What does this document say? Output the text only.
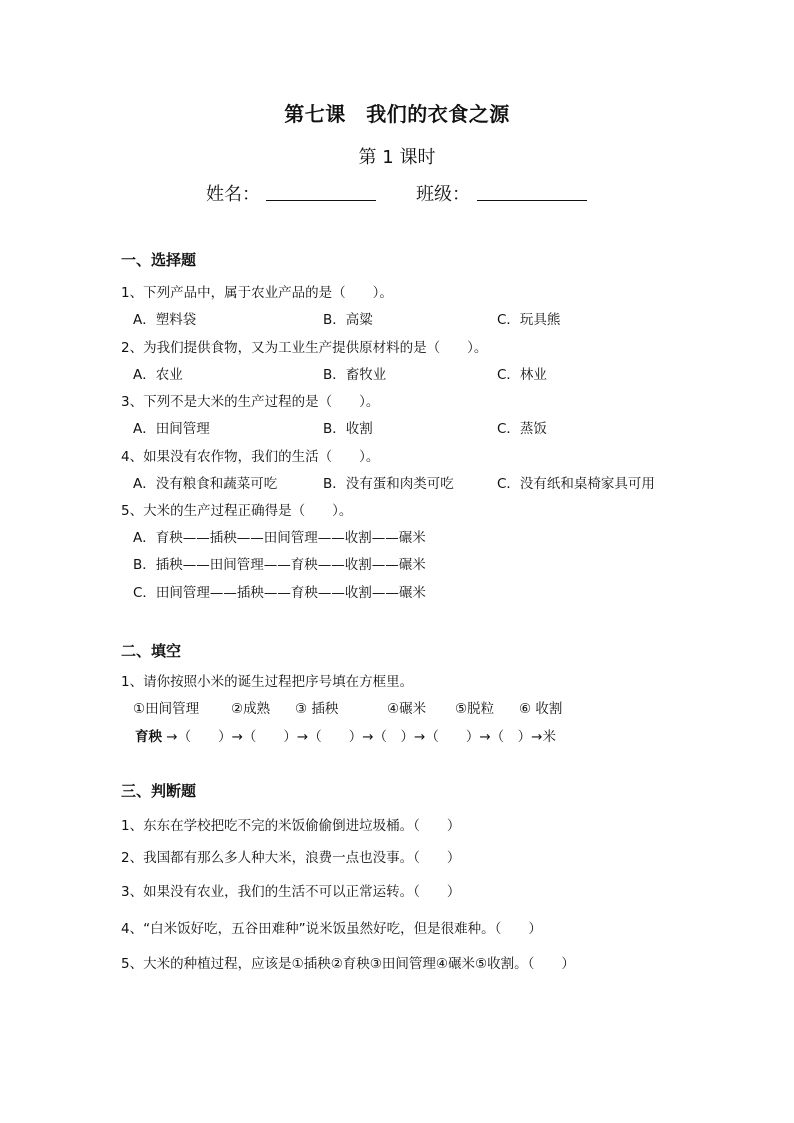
第七课　我们的衣食之源
第 1 课时
姓名：	班级：
一、选择题
1、下列产品中，属于农业产品的是（　　）。
A．塑料袋	B．高粱	C．玩具熊
2、为我们提供食物，又为工业生产提供原材料的是（　　）。
A．农业	B．畜牧业	C．林业
3、下列不是大米的生产过程的是（　　）。
A．田间管理	B．收割	C．蒸饭
4、如果没有农作物，我们的生活（　　）。
A．没有粮食和蔬菜可吃	B．没有蛋和肉类可吃	C．没有纸和桌椅家具可用
5、大米的生产过程正确得是（　　）。
A．育秧——插秧——田间管理——收割——碾米
B．插秧——田间管理——育秧——收割——碾米
C．田间管理——插秧——育秧——收割——碾米
二、填空
1、请你按照小米的诞生过程把序号填在方框里。
①田间管理 ②成熟 ③ 插秧	④碾米 ⑤脱粒 ⑥ 收割
育秧 →（　　）→（　　）→（　　）→（　）→（　　）→（　）→米
三、判断题
1、东东在学校把吃不完的米饭偷偷倒进垃圾桶。（　　）
2、我国都有那么多人种大米，浪费一点也没事。（　　）
3、如果没有农业，我们的生活不可以正常运转。（　　）
4、“白米饭好吃，五谷田难种”说米饭虽然好吃，但是很难种。（　　）
5、大米的种植过程，应该是①插秧②育秧③田间管理④碾米⑤收割。（　　）
